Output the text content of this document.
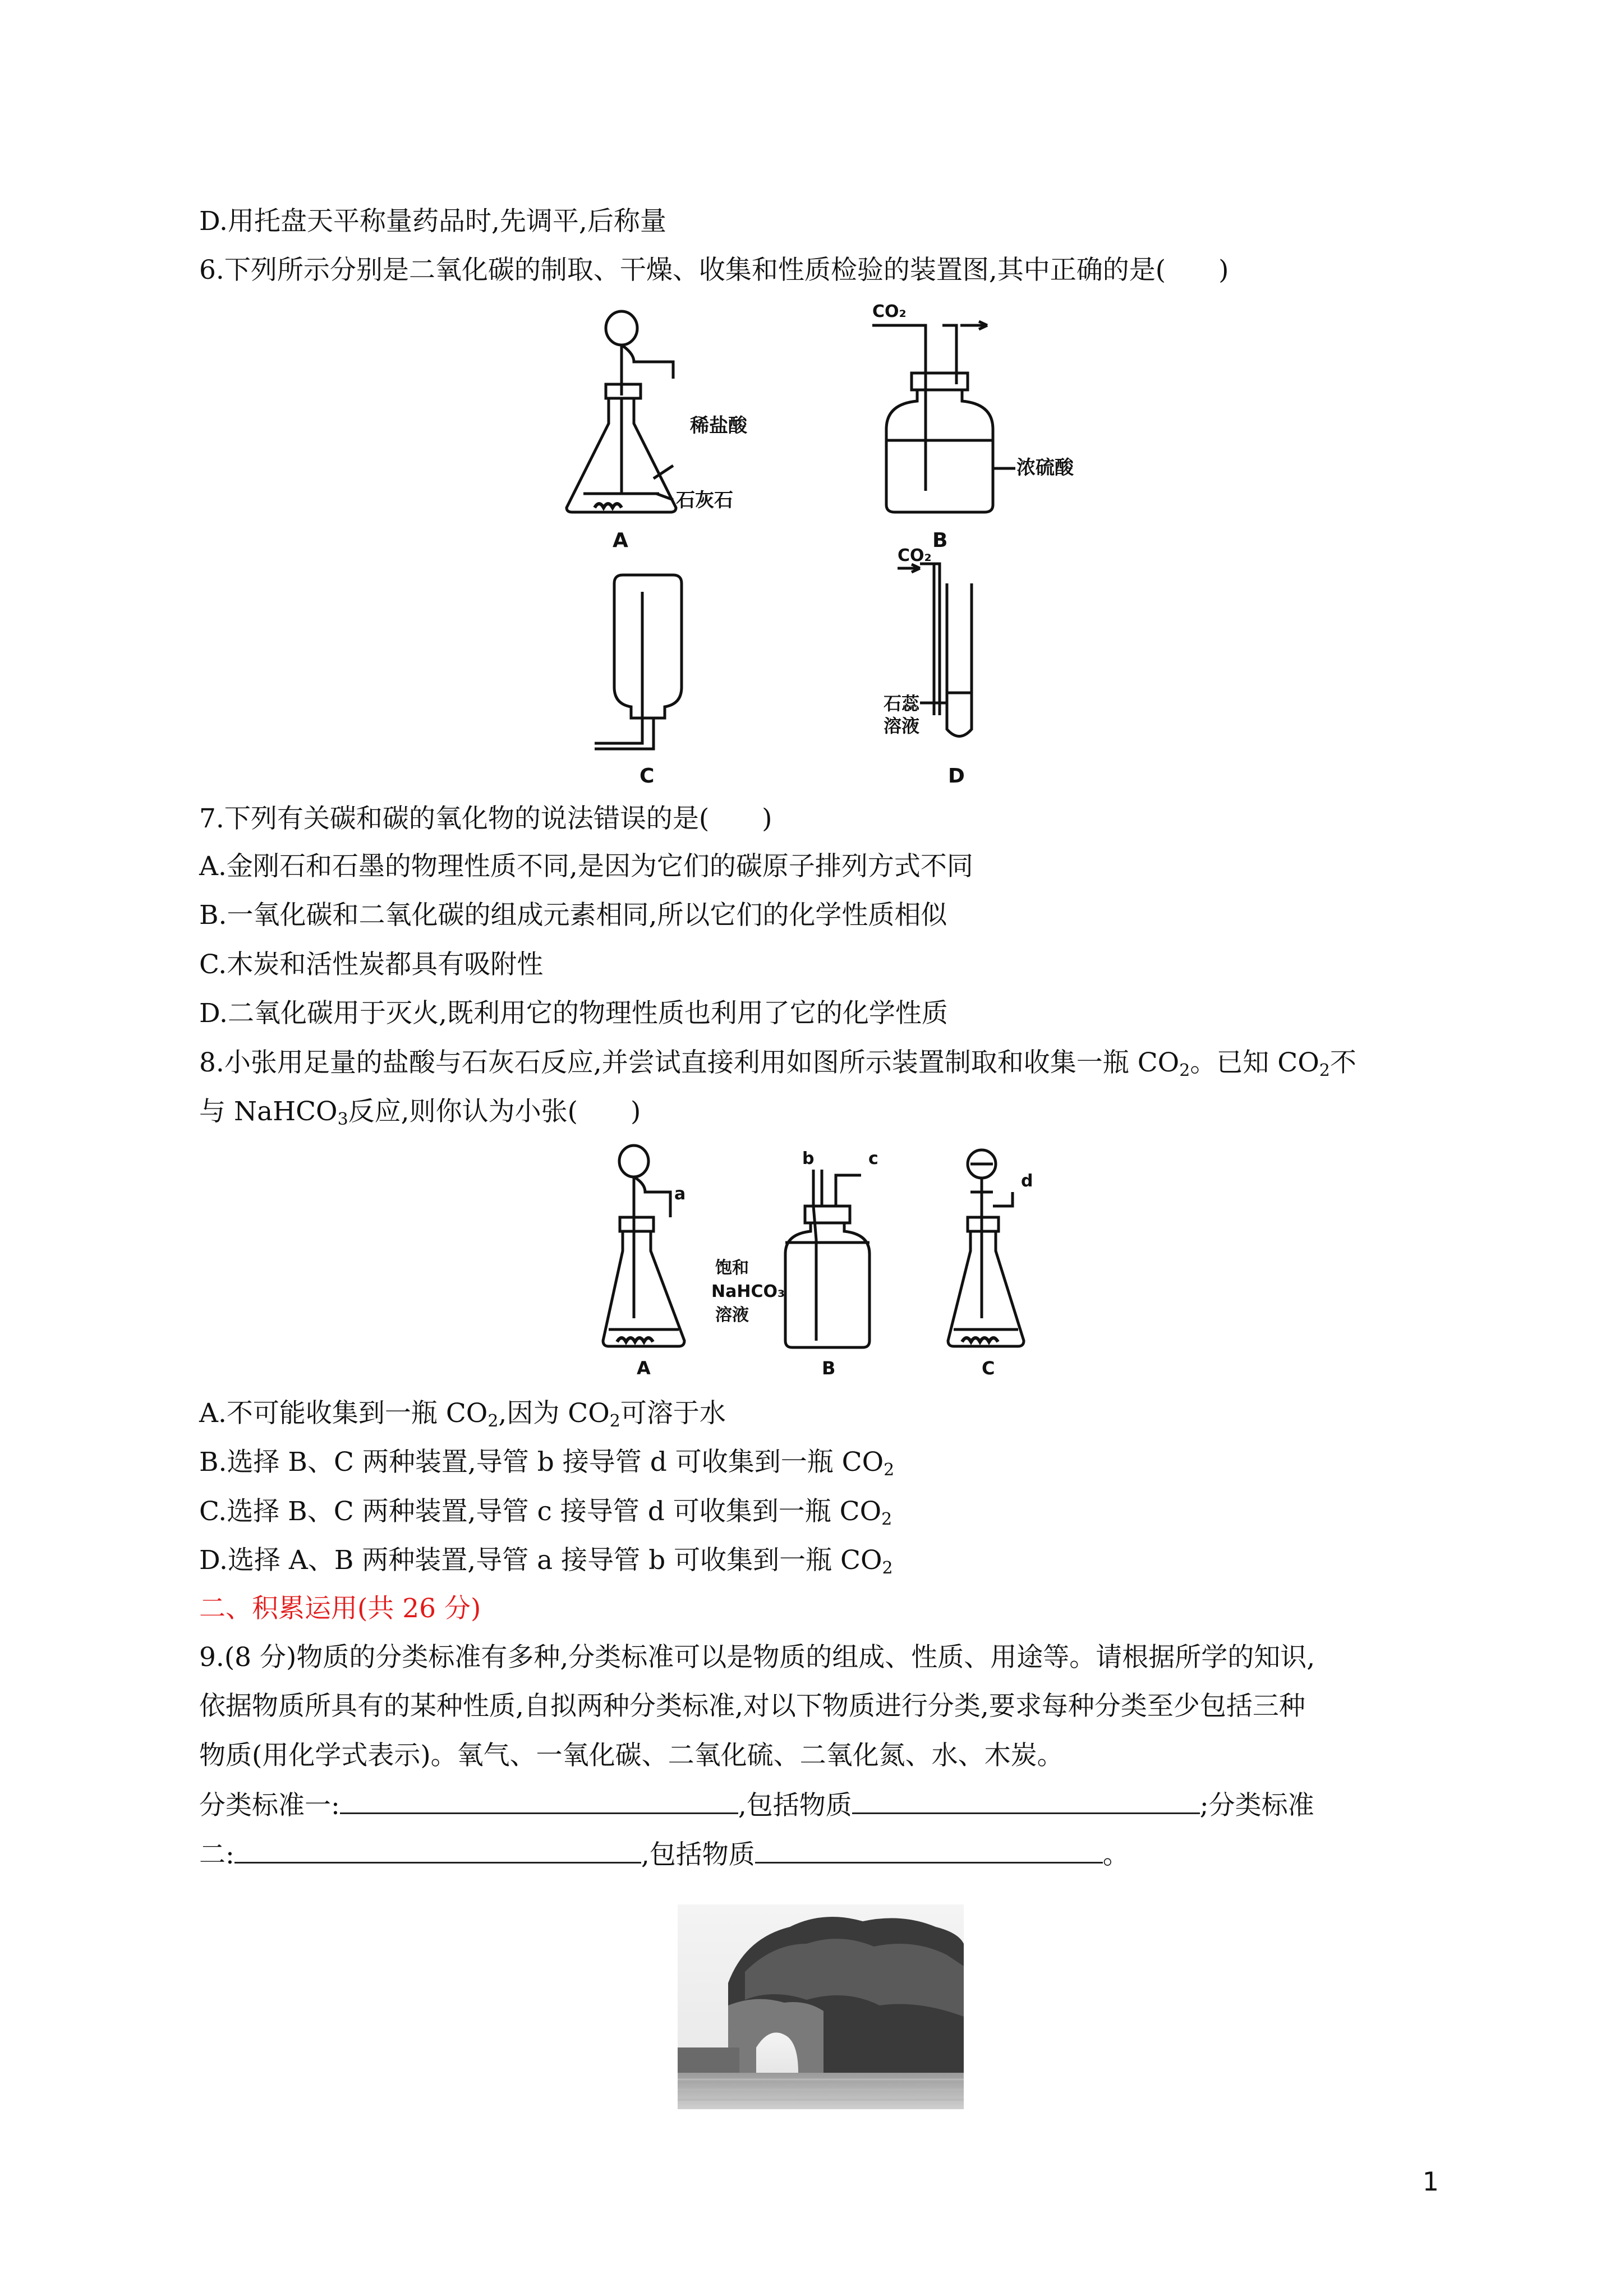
D.用托盘天平称量药品时,先调平,后称量
6.下列所示分别是二氧化碳的制取、干燥、收集和性质检验的装置图,其中正确的是(　　)
稀盐酸
石灰石
A
CO₂
浓硫酸
B
C
CO₂
石蕊
溶液
D
7.下列有关碳和碳的氧化物的说法错误的是(　　)
A.金刚石和石墨的物理性质不同,是因为它们的碳原子排列方式不同
B.一氧化碳和二氧化碳的组成元素相同,所以它们的化学性质相似
C.木炭和活性炭都具有吸附性
D.二氧化碳用于灭火,既利用它的物理性质也利用了它的化学性质
8.小张用足量的盐酸与石灰石反应,并尝试直接利用如图所示装置制取和收集一瓶 $CO_2$。已知 $CO_2$不
与 NaHCO$_3$反应,则你认为小张(　　)
a
b	c
d
饱和
NaHCO₃
溶液
A	B	C
A.不可能收集到一瓶 $CO_2$,因为 $CO_2$可溶于水
B.选择 B、C 两种装置,导管 b 接导管 d 可收集到一瓶 $CO_2$
C.选择 B、C 两种装置,导管 c 接导管 d 可收集到一瓶 $CO_2$
D.选择 A、B 两种装置,导管 a 接导管 b 可收集到一瓶 $CO_2$
二、积累运用(共 26 分)
9.(8 分)物质的分类标准有多种,分类标准可以是物质的组成、性质、用途等。请根据所学的知识,
依据物质所具有的某种性质,自拟两种分类标准,对以下物质进行分类,要求每种分类至少包括三种
物质(用化学式表示)。氧气、一氧化碳、二氧化硫、二氧化氮、水、木炭。
分类标准一:	,包括物质	;分类标准
二:	,包括物质	。
1
